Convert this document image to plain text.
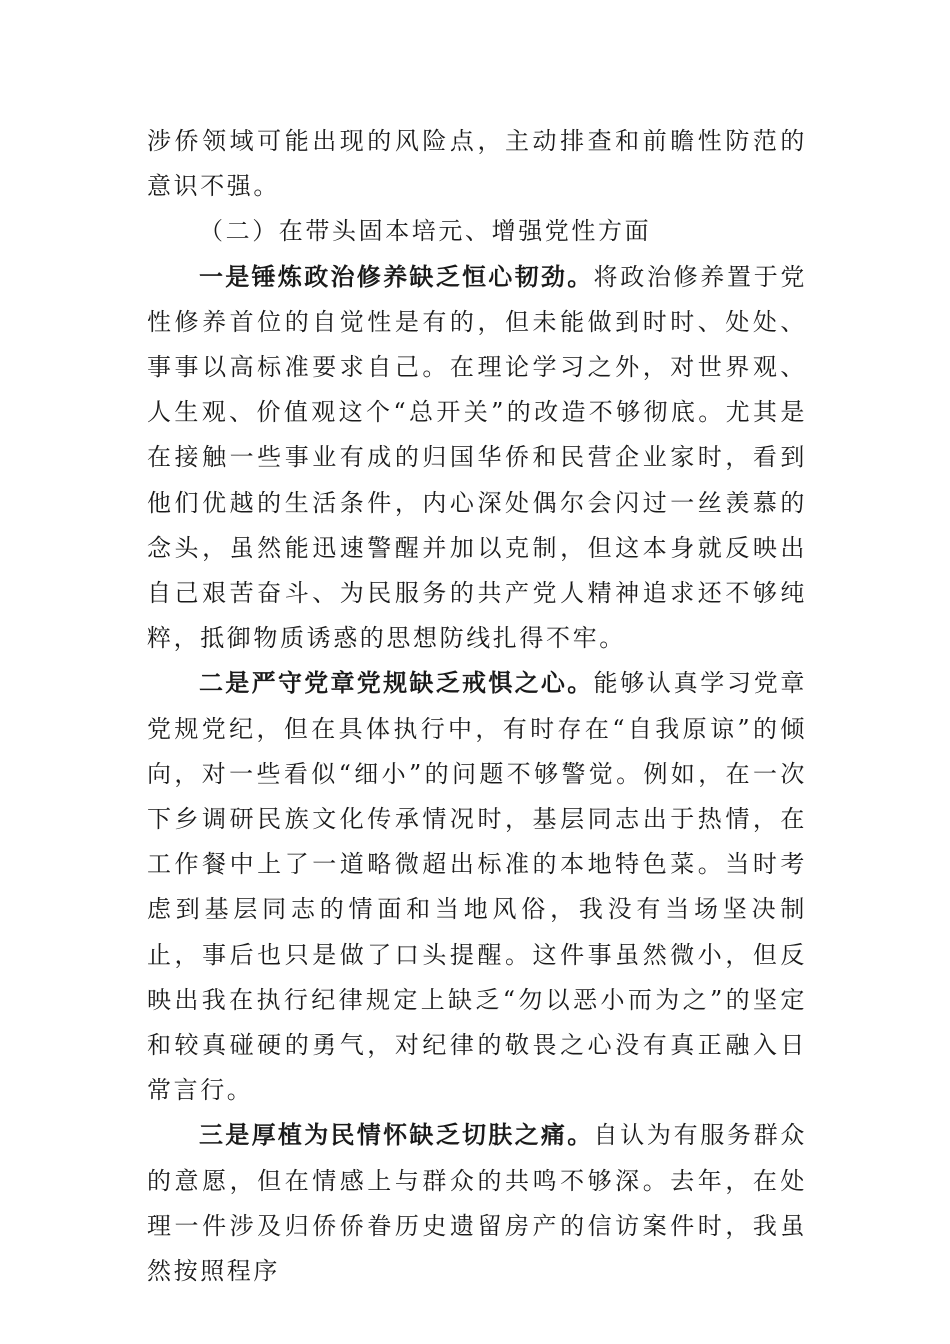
涉侨领域可能出现的风险点，主动排查和前瞻性防范的意识不强。

（二）在带头固本培元、增强党性方面

一是锤炼政治修养缺乏恒心韧劲。将政治修养置于党性修养首位的自觉性是有的，但未能做到时时、处处、事事以高标准要求自己。在理论学习之外，对世界观、人生观、价值观这个“总开关”的改造不够彻底。尤其是在接触一些事业有成的归国华侨和民营企业家时，看到他们优越的生活条件，内心深处偶尔会闪过一丝羡慕的念头，虽然能迅速警醒并加以克制，但这本身就反映出自己艰苦奋斗、为民服务的共产党人精神追求还不够纯粹，抵御物质诱惑的思想防线扎得不牢。

二是严守党章党规缺乏戒惧之心。能够认真学习党章党规党纪，但在具体执行中，有时存在“自我原谅”的倾向，对一些看似“细小”的问题不够警觉。例如，在一次下乡调研民族文化传承情况时，基层同志出于热情，在工作餐中上了一道略微超出标准的本地特色菜。当时考虑到基层同志的情面和当地风俗，我没有当场坚决制止，事后也只是做了口头提醒。这件事虽然微小，但反映出我在执行纪律规定上缺乏“勿以恶小而为之”的坚定和较真碰硬的勇气，对纪律的敬畏之心没有真正融入日常言行。

三是厚植为民情怀缺乏切肤之痛。自认为有服务群众的意愿，但在情感上与群众的共鸣不够深。去年，在处理一件涉及归侨侨眷历史遗留房产的信访案件时，我虽然按照程序
